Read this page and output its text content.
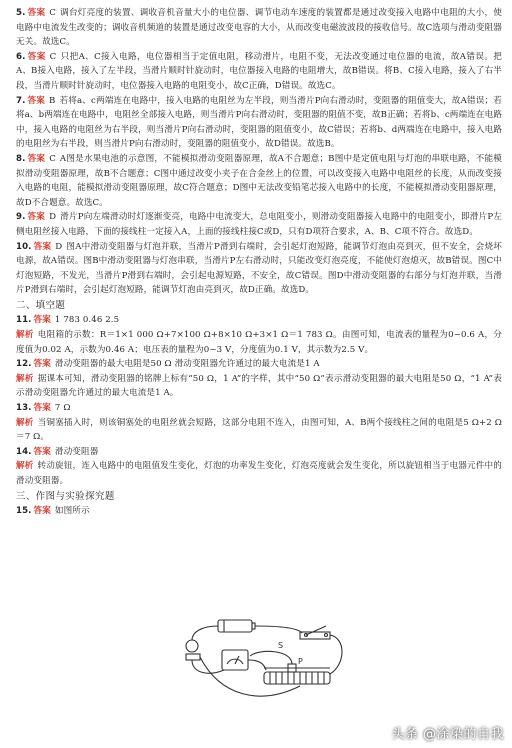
5. 答案 C 调台灯亮度的装置、调收音机音量大小的电位器、调节电动车速度的装置都是通过改变接入电路中电阻的大小，使电路中电流发生改变的；调收音机频道的装置是通过改变电容的大小，从而改变电磁波波段的接收信号。故C选项与滑动变阻器无关。故选C。

6. 答案 C 只把A、C接入电路，电位器相当于定值电阻，移动滑片，电阻不变，无法改变通过电位器的电流，故A错误。把A、B接入电路，接入了左半段，当滑片顺时针旋动时，电位器接入电路的电阻增大，故B错误。将B、C接入电路，接入了右半段，当滑片顺时针旋动时，电位器接入电路的电阻变小，故C正确，D错误。故选C。

7. 答案 B 若将a、c两端连在电路中，接入电路的电阻丝为左半段，则当滑片P向右滑动时，变阻器的阻值变大，故A错误；若将a、b两端连在电路中，电阻丝全部接入电路，则当滑片P向右滑动时，变阻器的阻值不变，故B正确；若将b、c两端连在电路中，接入电路的电阻丝为右半段，则当滑片P向右滑动时，变阻器的阻值变小，故C错误；若将b、d两端连在电路中，接入电路的电阻丝为右半段，则当滑片P向右滑动时，变阻器的阻值变小，故D错误。故选B。

8. 答案 C A图是水果电池的示意图，不能模拟滑动变阻器原理，故A不合题意；B图中是定值电阻与灯泡的串联电路，不能模拟滑动变阻器原理，故B不合题意；C图中通过改变小夹子在合金丝上的位置，可以改变接入电路中电阻丝的长度，从而改变接入电路的电阻，能模拟滑动变阻器原理，故C符合题意；D图中无法改变铅笔芯接入电路中的长度，不能模拟滑动变阻器原理，故D不合题意。故选C。

9. 答案 D 滑片P向左端滑动时灯逐渐变亮，电路中电流变大，总电阻变小，则滑动变阻器接入电路中的电阻变小，即滑片P左侧电阻丝接入电路，下面的接线柱一定接入A，上面的接线柱接C或D，只有D项符合要求，A、B、C项不符合。故选D。

10. 答案 D 图A中滑动变阻器与灯泡并联，当滑片P滑到右端时，会引起灯泡短路，能调节灯泡由亮到灭，但不安全，会烧坏电源，故A错误。图B中滑动变阻器与灯泡串联，当滑片P左右滑动时，只能改变灯泡亮度，不能使灯泡熄灭，故B错误。图C中灯泡短路，不发光，当滑片P滑到右端时，会引起电源短路，不安全，故C错误。图D中滑动变阻器的右部分与灯泡并联，当滑片P滑到右端时，会引起灯泡短路，能调节灯泡由亮到灭，故D正确。故选D。

二、填空题

11. 答案 1 783 0.46 2.5

解析 电阻箱的示数：R＝1×1 000 Ω+7×100 Ω+8×10 Ω+3×1 Ω＝1 783 Ω。由图可知，电流表的量程为0~0.6 A，分度值为0.02 A，示数为0.46 A；电压表的量程为0~3 V，分度值为0.1 V，其示数为2.5 V。

12. 答案 滑动变阻器的最大电阻是50 Ω 滑动变阻器允许通过的最大电流是1 A

解析 据课本可知，滑动变阻器的铭牌上标有“50 Ω，1 A”的字样，其中“50 Ω”表示滑动变阻器的最大电阻是50 Ω，“1 A”表示滑动变阻器允许通过的最大电流是1 A。

13. 答案 7 Ω

解析 当铜塞插入时，则该铜塞处的电阻丝就会短路，这部分电阻不连入，由图可知，A、B两个接线柱之间的电阻是5 Ω+2 Ω＝7 Ω。

14. 答案 滑动变阻器

解析 转动旋钮，连入电路中的电阻值发生变化，灯泡的功率发生变化，灯泡亮度就会发生变化，所以旋钮相当于电器元件中的滑动变阻器。

三、作图与实验探究题

15. 答案 如图所示

S
P
头条 @涂染的自我
